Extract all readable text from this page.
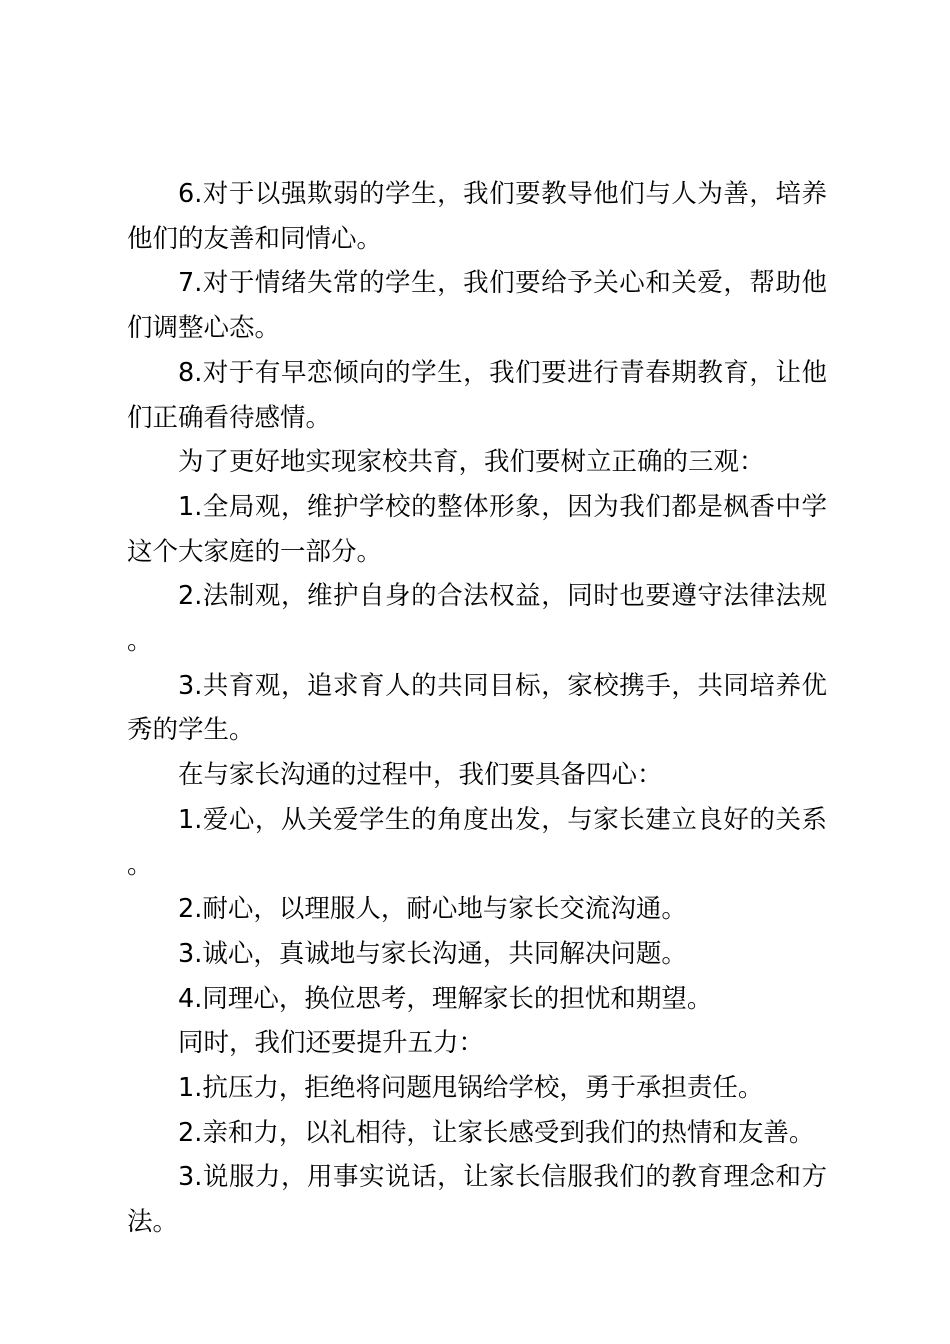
6.对于以强欺弱的学生，我们要教导他们与人为善，培养他们的友善和同情心。

7.对于情绪失常的学生，我们要给予关心和关爱，帮助他们调整心态。

8.对于有早恋倾向的学生，我们要进行青春期教育，让他们正确看待感情。

为了更好地实现家校共育，我们要树立正确的三观：

1.全局观，维护学校的整体形象，因为我们都是枫香中学这个大家庭的一部分。

2.法制观，维护自身的合法权益，同时也要遵守法律法规。

3.共育观，追求育人的共同目标，家校携手，共同培养优秀的学生。

在与家长沟通的过程中，我们要具备四心：

1.爱心，从关爱学生的角度出发，与家长建立良好的关系。

2.耐心，以理服人，耐心地与家长交流沟通。

3.诚心，真诚地与家长沟通，共同解决问题。

4.同理心，换位思考，理解家长的担忧和期望。

同时，我们还要提升五力：

1.抗压力，拒绝将问题甩锅给学校，勇于承担责任。

2.亲和力，以礼相待，让家长感受到我们的热情和友善。

3.说服力，用事实说话，让家长信服我们的教育理念和方法。
